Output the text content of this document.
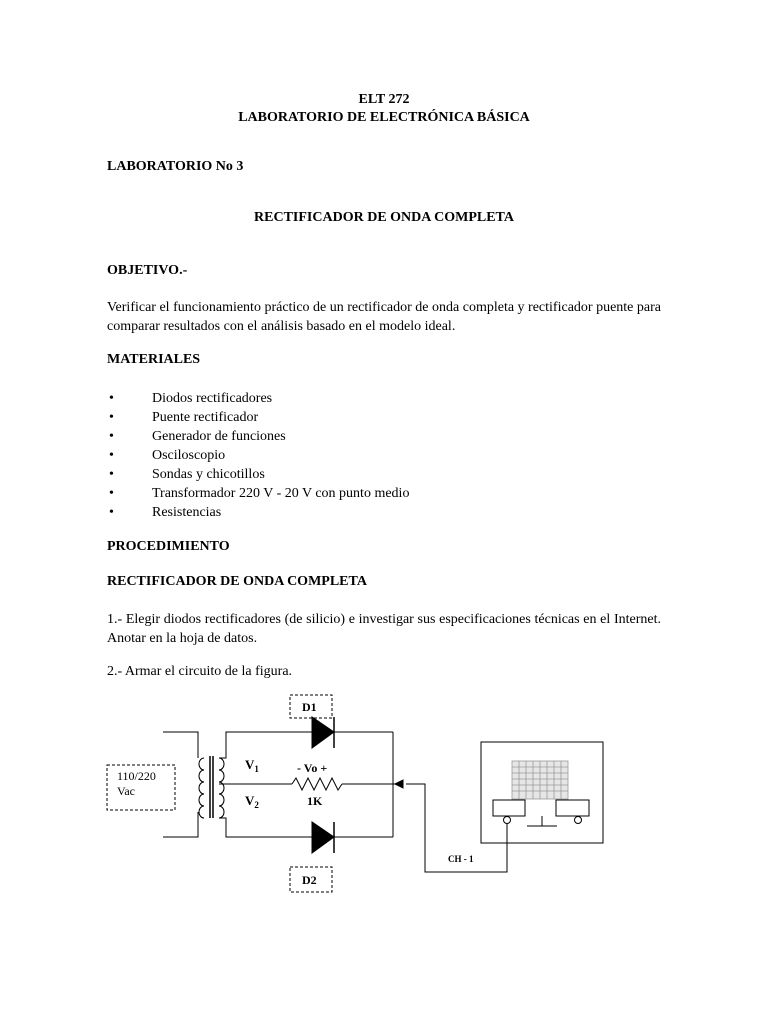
ELT 272
LABORATORIO DE ELECTRÓNICA BÁSICA
LABORATORIO No 3
RECTIFICADOR DE ONDA COMPLETA
OBJETIVO.-
Verificar el funcionamiento práctico de un rectificador de onda completa y rectificador puente para comparar resultados con el análisis basado en el modelo ideal.
MATERIALES
•	Diodos rectificadores
•	Puente rectificador
•	Generador de funciones
•	Osciloscopio
•	Sondas y chicotillos
•	Transformador 220 V - 20 V con punto medio
•	Resistencias
PROCEDIMIENTO
RECTIFICADOR DE ONDA COMPLETA
1.- Elegir diodos rectificadores (de silicio) e investigar sus especificaciones técnicas en el Internet. Anotar en la hoja de datos.
2.- Armar el circuito de la figura.
110/220
Vac
D1
D2
$V_1$
$V_2$
- Vo +
1K
CH - 1
